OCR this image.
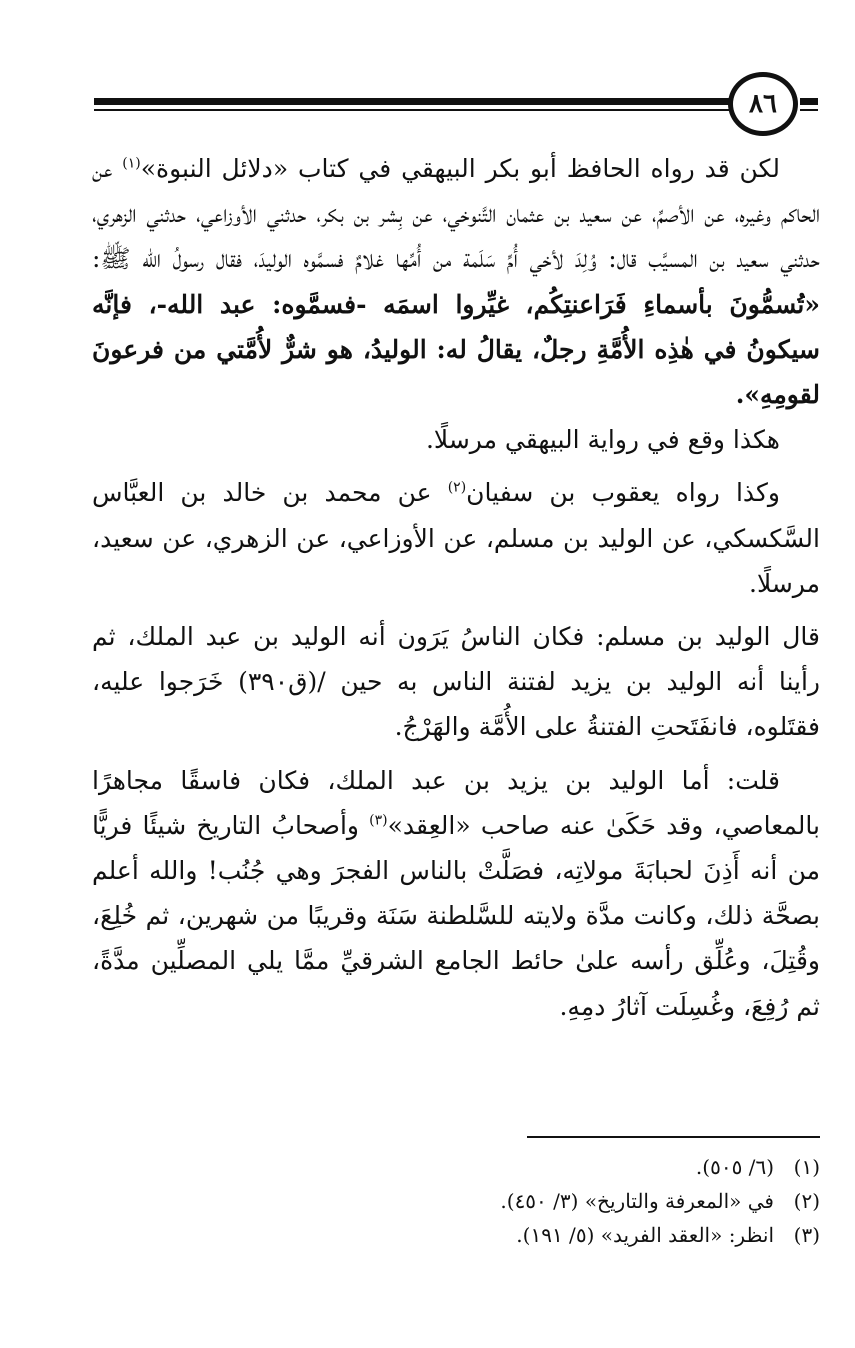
٨٦

لكن قد رواه الحافظ أبو بكر البيهقي في كتاب «دلائل النبوة»$^{(١)}$ عن الحاكم وغيره، عن الأصمِّ، عن سعيد بن عثمان التَّنوخي، عن بِشر بن بكر، حدثني الأوزاعي، حدثني الزهري، حدثني سعيد بن المسيَّب قال: وُلِدَ لأخي أُمِّ سَلَمة من أُمِّها غلامٌ فسمَّوه الوليدَ، فقال رسولُ الله ﷺ: «تُسمُّونَ بأسماءِ فَرَاعنتِكُم، غيِّروا اسمَه -فسمَّوه: عبد الله-، فإنَّه سيكونُ في هٰذِه الأُمَّةِ رجلٌ، يقالُ له: الوليدُ، هو شرٌّ لأُمَّتي من فرعونَ لقومِهِ».

هكذا وقع في رواية البيهقي مرسلًا.

وكذا رواه يعقوب بن سفيان$^{(٢)}$ عن محمد بن خالد بن العبَّاس السَّكسكي، عن الوليد بن مسلم، عن الأوزاعي، عن الزهري، عن سعيد، مرسلًا.

قال الوليد بن مسلم: فكان الناسُ يَرَون أنه الوليد بن عبد الملك، ثم رأينا أنه الوليد بن يزيد لفتنة الناس به حين /(ق٣٩٠) خَرَجوا عليه، فقتَلوه، فانفَتَحتِ الفتنةُ على الأُمَّة والهَرْجُ.

قلت: أما الوليد بن يزيد بن عبد الملك، فكان فاسقًا مجاهرًا بالمعاصي، وقد حَكَىٰ عنه صاحب «العِقد»$^{(٣)}$ وأصحابُ التاريخ شيئًا فريًّا من أنه أَذِنَ لحبابَةَ مولاتِه، فصَلَّتْ بالناس الفجرَ وهي جُنُب! والله أعلم بصحَّة ذلك، وكانت مدَّة ولايته للسَّلطنة سَنَة وقريبًا من شهرين، ثم خُلِعَ، وقُتِلَ، وعُلِّق رأسه علىٰ حائط الجامع الشرقيِّ ممَّا يلي المصلِّين مدَّةً، ثم رُفِعَ، وغُسِلَت آثارُ دمِهِ.

(١)
(٦/ ٥٠٥).
(٢)
في «المعرفة والتاريخ» (٣/ ٤٥٠).
(٣)
انظر: «العقد الفريد» (٥/ ١٩١).
